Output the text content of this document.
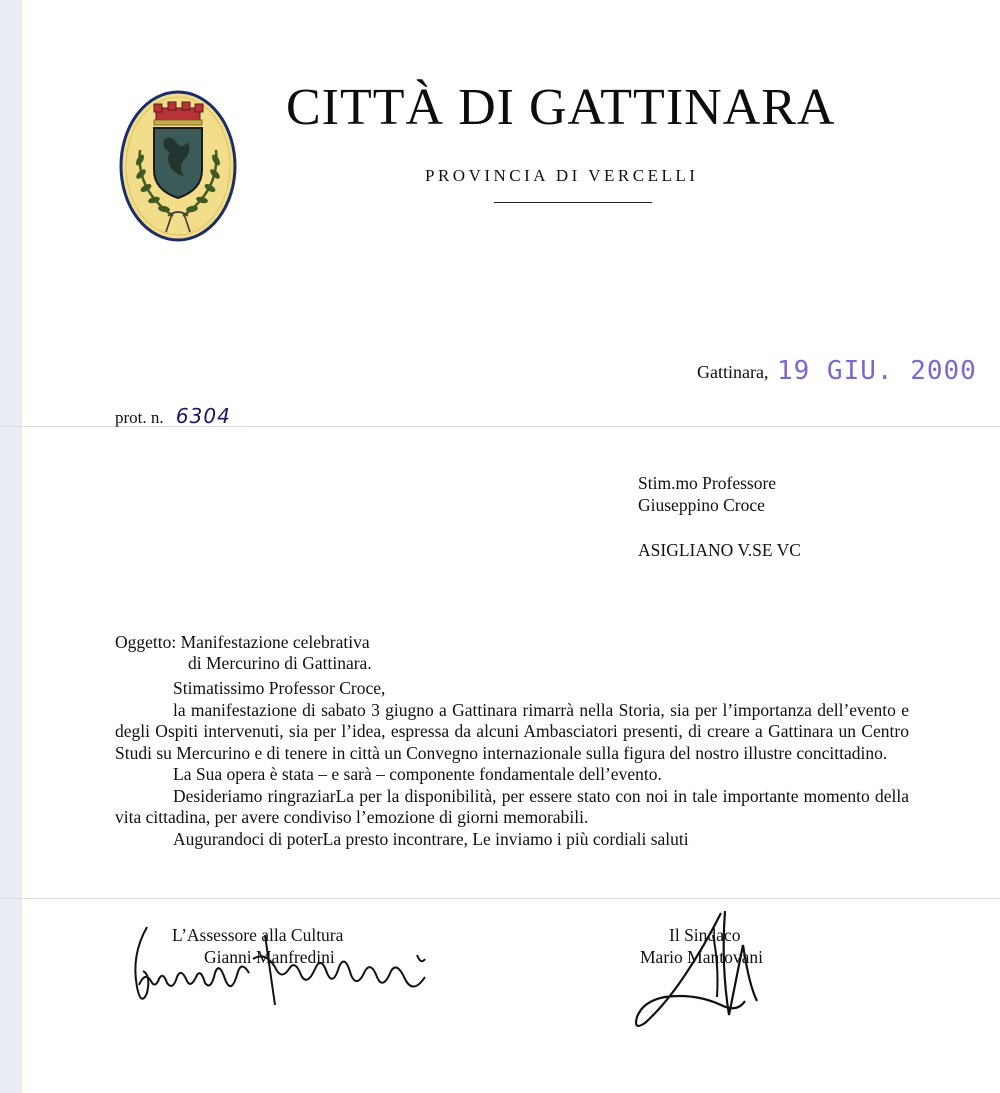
CITTÀ DI GATTINARA
PROVINCIA DI VERCELLI
Gattinara, 19 GIU. 2000
prot. n. 6304
Stim.mo Professore
Giuseppino Croce
ASIGLIANO V.SE VC
Oggetto: Manifestazione celebrativa
di Mercurino di Gattinara.

Stimatissimo Professor Croce,

la manifestazione di sabato 3 giugno a Gattinara rimarrà nella Storia, sia per l’importanza dell’evento e degli Ospiti intervenuti, sia per l’idea, espressa da alcuni Ambasciatori presenti, di creare a Gattinara un Centro Studi su Mercurino e di tenere in città un Convegno internazionale sulla figura del nostro illustre concittadino.

La Sua opera è stata – e sarà – componente fondamentale dell’evento.

Desideriamo ringraziarLa per la disponibilità, per essere stato con noi in tale importante momento della vita cittadina, per avere condiviso l’emozione di giorni memorabili.

Augurandoci di poterLa presto incontrare, Le inviamo i più cordiali saluti

L’Assessore alla Cultura
Gianni Manfredini
Il Sindaco
Mario Mantovani
